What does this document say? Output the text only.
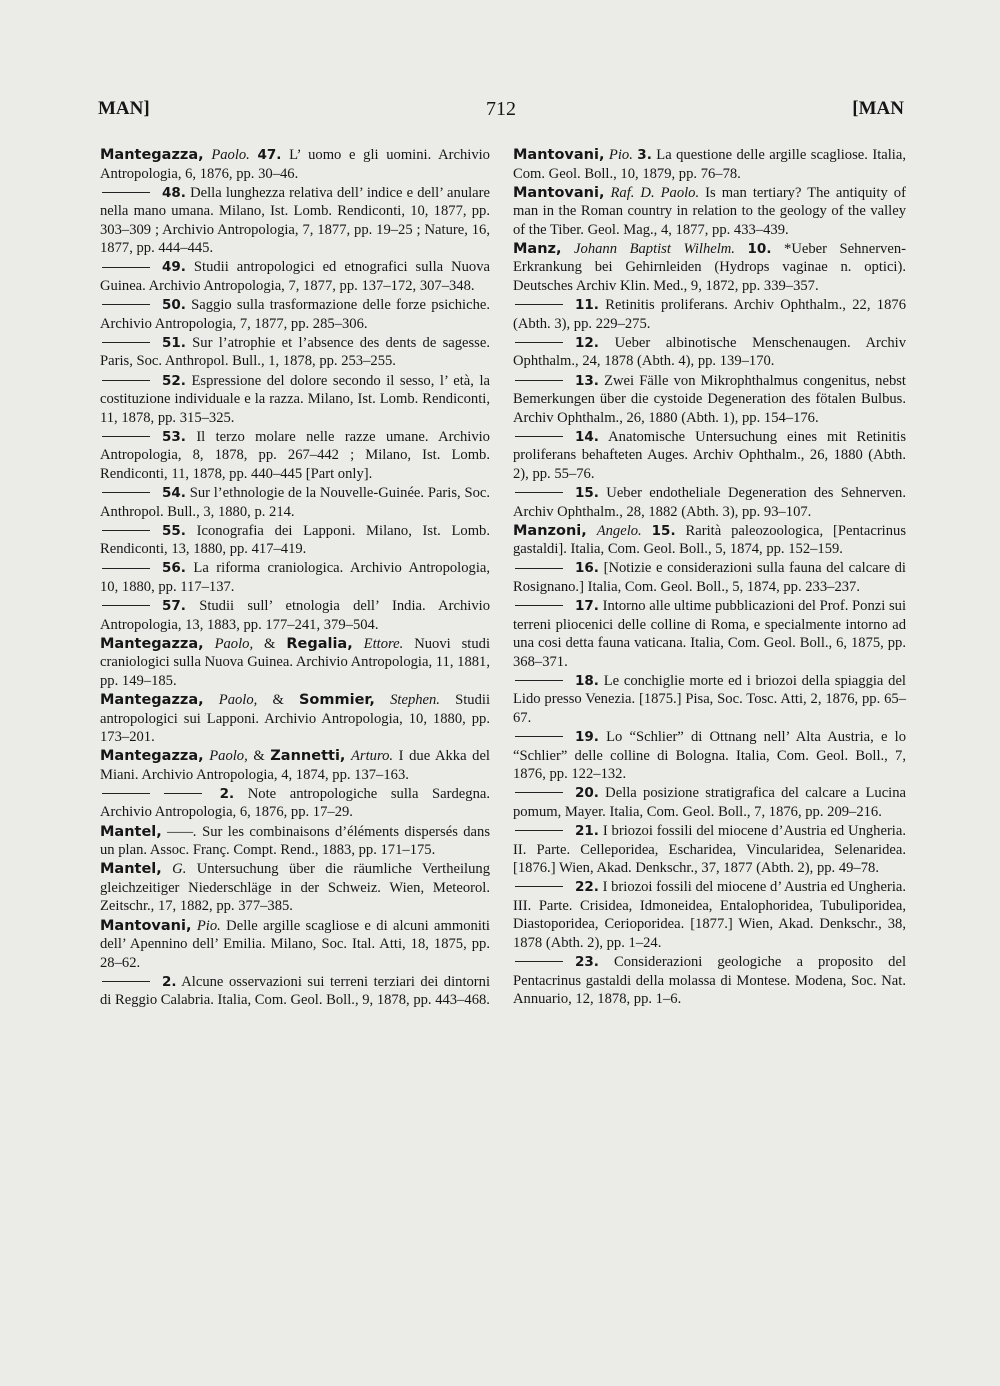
MAN]	712	[MAN
Mantegazza, Paolo. 47. L’ uomo e gli uomini. Archivio Antropologia, 6, 1876, pp. 30–46.
48. Della lunghezza relativa dell’ indice e dell’ anulare nella mano umana. Milano, Ist. Lomb. Rendiconti, 10, 1877, pp. 303–309 ; Archivio Antropologia, 7, 1877, pp. 19–25 ; Nature, 16, 1877, pp. 444–445.
49. Studii antropologici ed etnografici sulla Nuova Guinea. Archivio Antropologia, 7, 1877, pp. 137–172, 307–348.
50. Saggio sulla trasformazione delle forze psichiche. Archivio Antropologia, 7, 1877, pp. 285–306.
51. Sur l’atrophie et l’absence des dents de sagesse. Paris, Soc. Anthropol. Bull., 1, 1878, pp. 253–255.
52. Espressione del dolore secondo il sesso, l’ età, la costituzione individuale e la razza. Milano, Ist. Lomb. Rendiconti, 11, 1878, pp. 315–325.
53. Il terzo molare nelle razze umane. Archivio Antropologia, 8, 1878, pp. 267–442 ; Milano, Ist. Lomb. Rendiconti, 11, 1878, pp. 440–445 [Part only].
54. Sur l’ethnologie de la Nouvelle-Guinée. Paris, Soc. Anthropol. Bull., 3, 1880, p. 214.
55. Iconografia dei Lapponi. Milano, Ist. Lomb. Rendiconti, 13, 1880, pp. 417–419.
56. La riforma craniologica. Archivio Antropologia, 10, 1880, pp. 117–137.
57. Studii sull’ etnologia dell’ India. Archivio Antropologia, 13, 1883, pp. 177–241, 379–504.
Mantegazza, Paolo, & Regalia, Ettore. Nuovi studi craniologici sulla Nuova Guinea. Archivio Antropologia, 11, 1881, pp. 149–185.
Mantegazza, Paolo, & Sommier, Stephen. Studii antropologici sui Lapponi. Archivio Antropologia, 10, 1880, pp. 173–201.
Mantegazza, Paolo, & Zannetti, Arturo. I due Akka del Miani. Archivio Antropologia, 4, 1874, pp. 137–163.
2. Note antropologiche sulla Sardegna. Archivio Antropologia, 6, 1876, pp. 17–29.
Mantel, ——. Sur les combinaisons d’éléments dispersés dans un plan. Assoc. Franç. Compt. Rend., 1883, pp. 171–175.
Mantel, G. Untersuchung über die räumliche Vertheilung gleichzeitiger Niederschläge in der Schweiz. Wien, Meteorol. Zeitschr., 17, 1882, pp. 377–385.
Mantovani, Pio. Delle argille scagliose e di alcuni ammoniti dell’ Apennino dell’ Emilia. Milano, Soc. Ital. Atti, 18, 1875, pp. 28–62.
2. Alcune osservazioni sui terreni terziari dei dintorni di Reggio Calabria. Italia, Com. Geol. Boll., 9, 1878, pp. 443–468.
Mantovani, Pio. 3. La questione delle argille scagliose. Italia, Com. Geol. Boll., 10, 1879, pp. 76–78.
Mantovani, Raf. D. Paolo. Is man tertiary? The antiquity of man in the Roman country in relation to the geology of the valley of the Tiber. Geol. Mag., 4, 1877, pp. 433–439.
Manz, Johann Baptist Wilhelm. 10. *Ueber Sehnerven-Erkrankung bei Gehirnleiden (Hydrops vaginae n. optici). Deutsches Archiv Klin. Med., 9, 1872, pp. 339–357.
11. Retinitis proliferans. Archiv Ophthalm., 22, 1876 (Abth. 3), pp. 229–275.
12. Ueber albinotische Menschenaugen. Archiv Ophthalm., 24, 1878 (Abth. 4), pp. 139–170.
13. Zwei Fälle von Mikrophthalmus congenitus, nebst Bemerkungen über die cystoide Degeneration des fötalen Bulbus. Archiv Ophthalm., 26, 1880 (Abth. 1), pp. 154–176.
14. Anatomische Untersuchung eines mit Retinitis proliferans behafteten Auges. Archiv Ophthalm., 26, 1880 (Abth. 2), pp. 55–76.
15. Ueber endotheliale Degeneration des Sehnerven. Archiv Ophthalm., 28, 1882 (Abth. 3), pp. 93–107.
Manzoni, Angelo. 15. Rarità paleozoologica, [Pentacrinus gastaldi]. Italia, Com. Geol. Boll., 5, 1874, pp. 152–159.
16. [Notizie e considerazioni sulla fauna del calcare di Rosignano.] Italia, Com. Geol. Boll., 5, 1874, pp. 233–237.
17. Intorno alle ultime pubblicazioni del Prof. Ponzi sui terreni pliocenici delle colline di Roma, e specialmente intorno ad una cosi detta fauna vaticana. Italia, Com. Geol. Boll., 6, 1875, pp. 368–371.
18. Le conchiglie morte ed i briozoi della spiaggia del Lido presso Venezia. [1875.] Pisa, Soc. Tosc. Atti, 2, 1876, pp. 65–67.
19. Lo “Schlier” di Ottnang nell’ Alta Austria, e lo “Schlier” delle colline di Bologna. Italia, Com. Geol. Boll., 7, 1876, pp. 122–132.
20. Della posizione stratigrafica del calcare a Lucina pomum, Mayer. Italia, Com. Geol. Boll., 7, 1876, pp. 209–216.
21. I briozoi fossili del miocene d’Austria ed Ungheria. II. Parte. Celleporidea, Escharidea, Vincularidea, Selenaridea. [1876.] Wien, Akad. Denkschr., 37, 1877 (Abth. 2), pp. 49–78.
22. I briozoi fossili del miocene d’ Austria ed Ungheria. III. Parte. Crisidea, Idmoneidea, Entalophoridea, Tubuliporidea, Diastoporidea, Cerioporidea. [1877.] Wien, Akad. Denkschr., 38, 1878 (Abth. 2), pp. 1–24.
23. Considerazioni geologiche a proposito del Pentacrinus gastaldi della molassa di Montese. Modena, Soc. Nat. Annuario, 12, 1878, pp. 1–6.
